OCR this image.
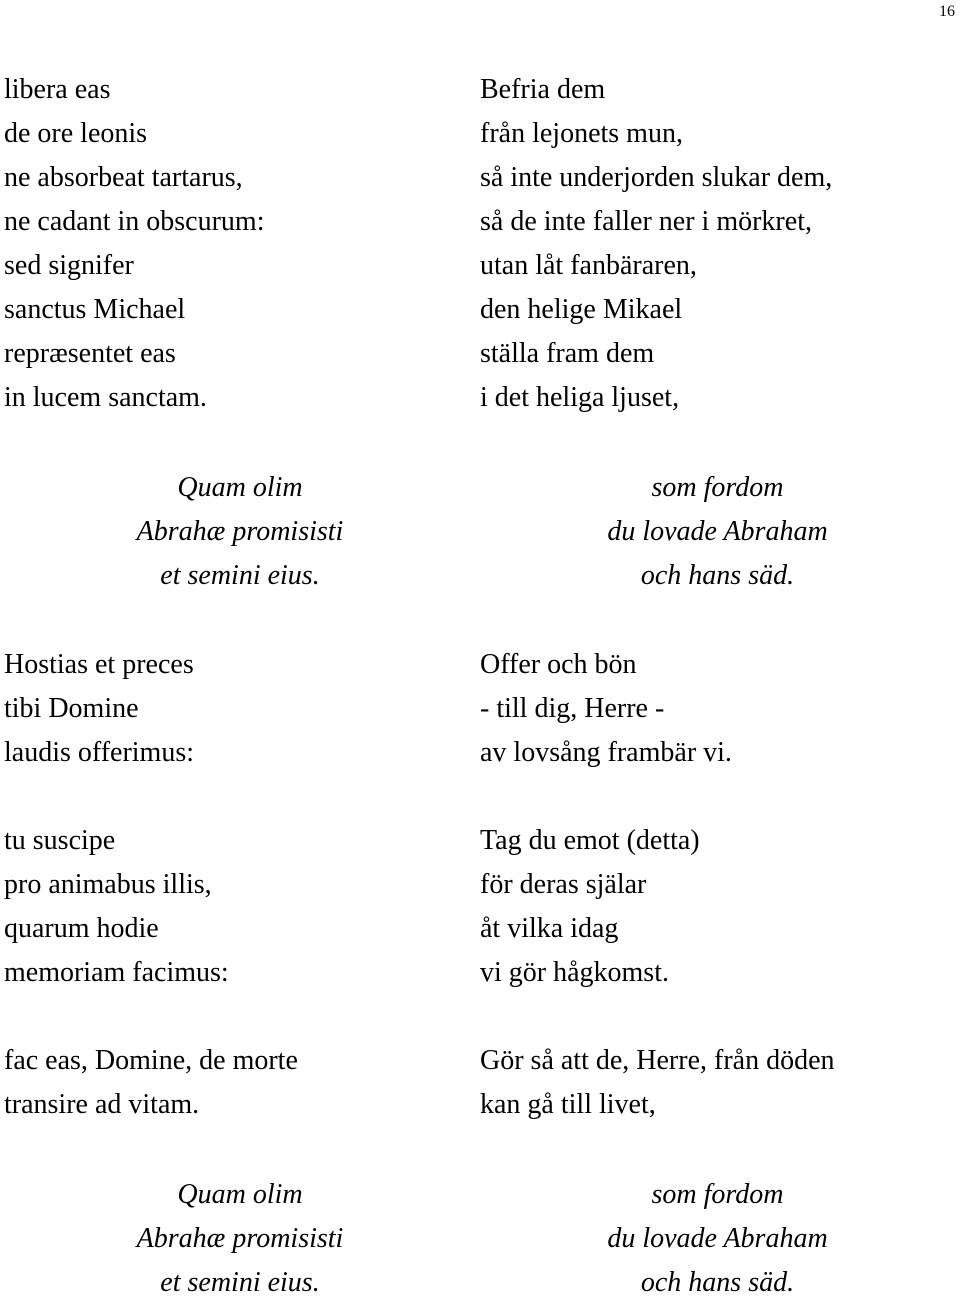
16
libera eas
de ore leonis
ne absorbeat tartarus,
ne cadant in obscurum:
sed signifer
sanctus Michael
repræsentet eas
in lucem sanctam.
Befria dem
från lejonets mun,
så inte underjorden slukar dem,
så de inte faller ner i mörkret,
utan låt fanbäraren,
den helige Mikael
ställa fram dem
i det heliga ljuset,
Quam olim
Abrahæ promisisti
et semini eius.
som fordom
du lovade Abraham
och hans säd.
Hostias et preces
tibi Domine
laudis offerimus:
Offer och bön
- till dig, Herre -
av lovsång frambär vi.
tu suscipe
pro animabus illis,
quarum hodie
memoriam facimus:
Tag du emot (detta)
för deras själar
åt vilka idag
vi gör hågkomst.
fac eas, Domine, de morte
transire ad vitam.
Gör så att de, Herre, från döden
kan gå till livet,
Quam olim
Abrahæ promisisti
et semini eius.
som fordom
du lovade Abraham
och hans säd.
